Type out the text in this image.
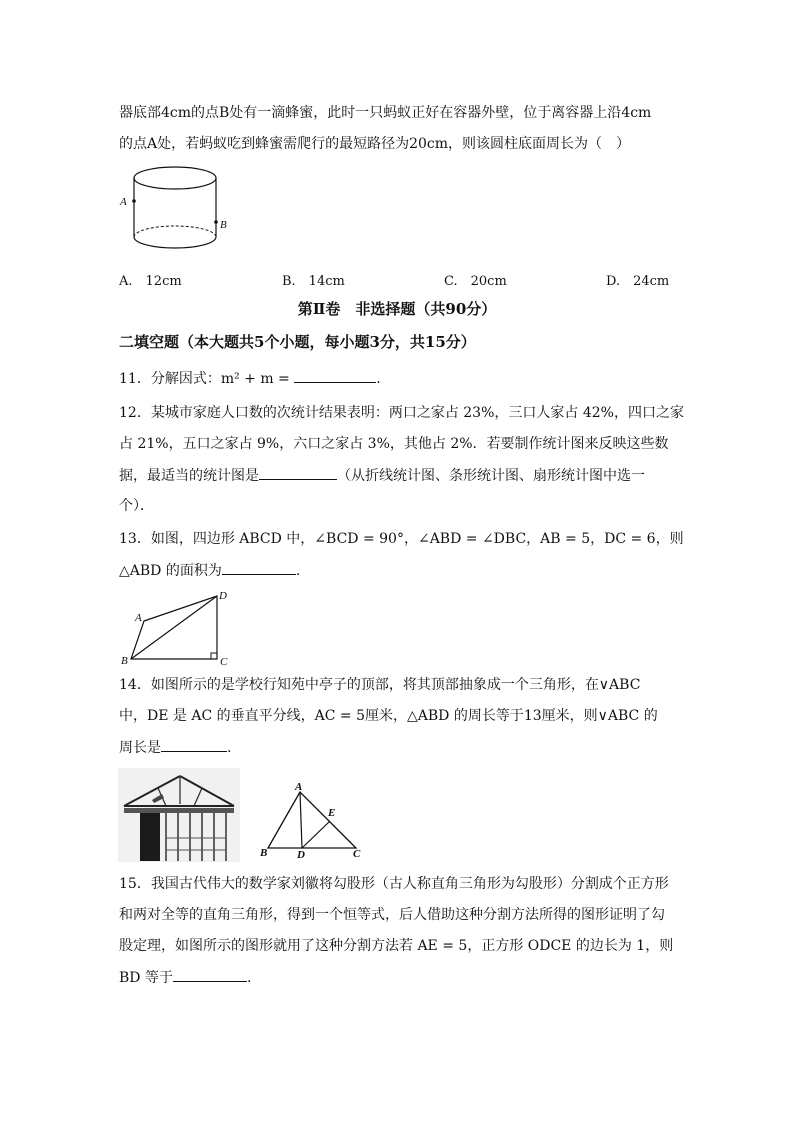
器底部4cm的点B处有一滴蜂蜜，此时一只蚂蚁正好在容器外壁，位于离容器上沿4cm
的点A处，若蚂蚁吃到蜂蜜需爬行的最短路径为20cm，则该圆柱底面周长为（　）
A
B
A.　12cm	B.　14cm	C.　20cm	D.　24cm
第Ⅱ卷　非选择题（共90分）
二填空题（本大题共5个小题，每小题3分，共15分）
11．分解因式：m² + m =	.
12．某城市家庭人口数的次统计结果表明：两口之家占 23%，三口人家占 42%，四口之家
占 21%，五口之家占 9%，六口之家占 3%，其他占 2%．若要制作统计图来反映这些数
据，最适当的统计图是	（从折线统计图、条形统计图、扇形统计图中选一
个）．
13．如图，四边形 ABCD 中，∠BCD = 90°，∠ABD = ∠DBC，AB = 5，DC = 6，则
△ABD 的面积为	.
A
B	C
D
14．如图所示的是学校行知苑中亭子的顶部，将其顶部抽象成一个三角形，在∨ABC
中，DE 是 AC 的垂直平分线，AC = 5厘米，△ABD 的周长等于13厘米，则∨ABC 的
周长是	.
A
B	C
D
E
15．我国古代伟大的数学家刘徽将勾股形（古人称直角三角形为勾股形）分割成个正方形
和两对全等的直角三角形，得到一个恒等式，后人借助这种分割方法所得的图形证明了勾
股定理，如图所示的图形就用了这种分割方法若 AE = 5，正方形 ODCE 的边长为 1，则
BD 等于	.
